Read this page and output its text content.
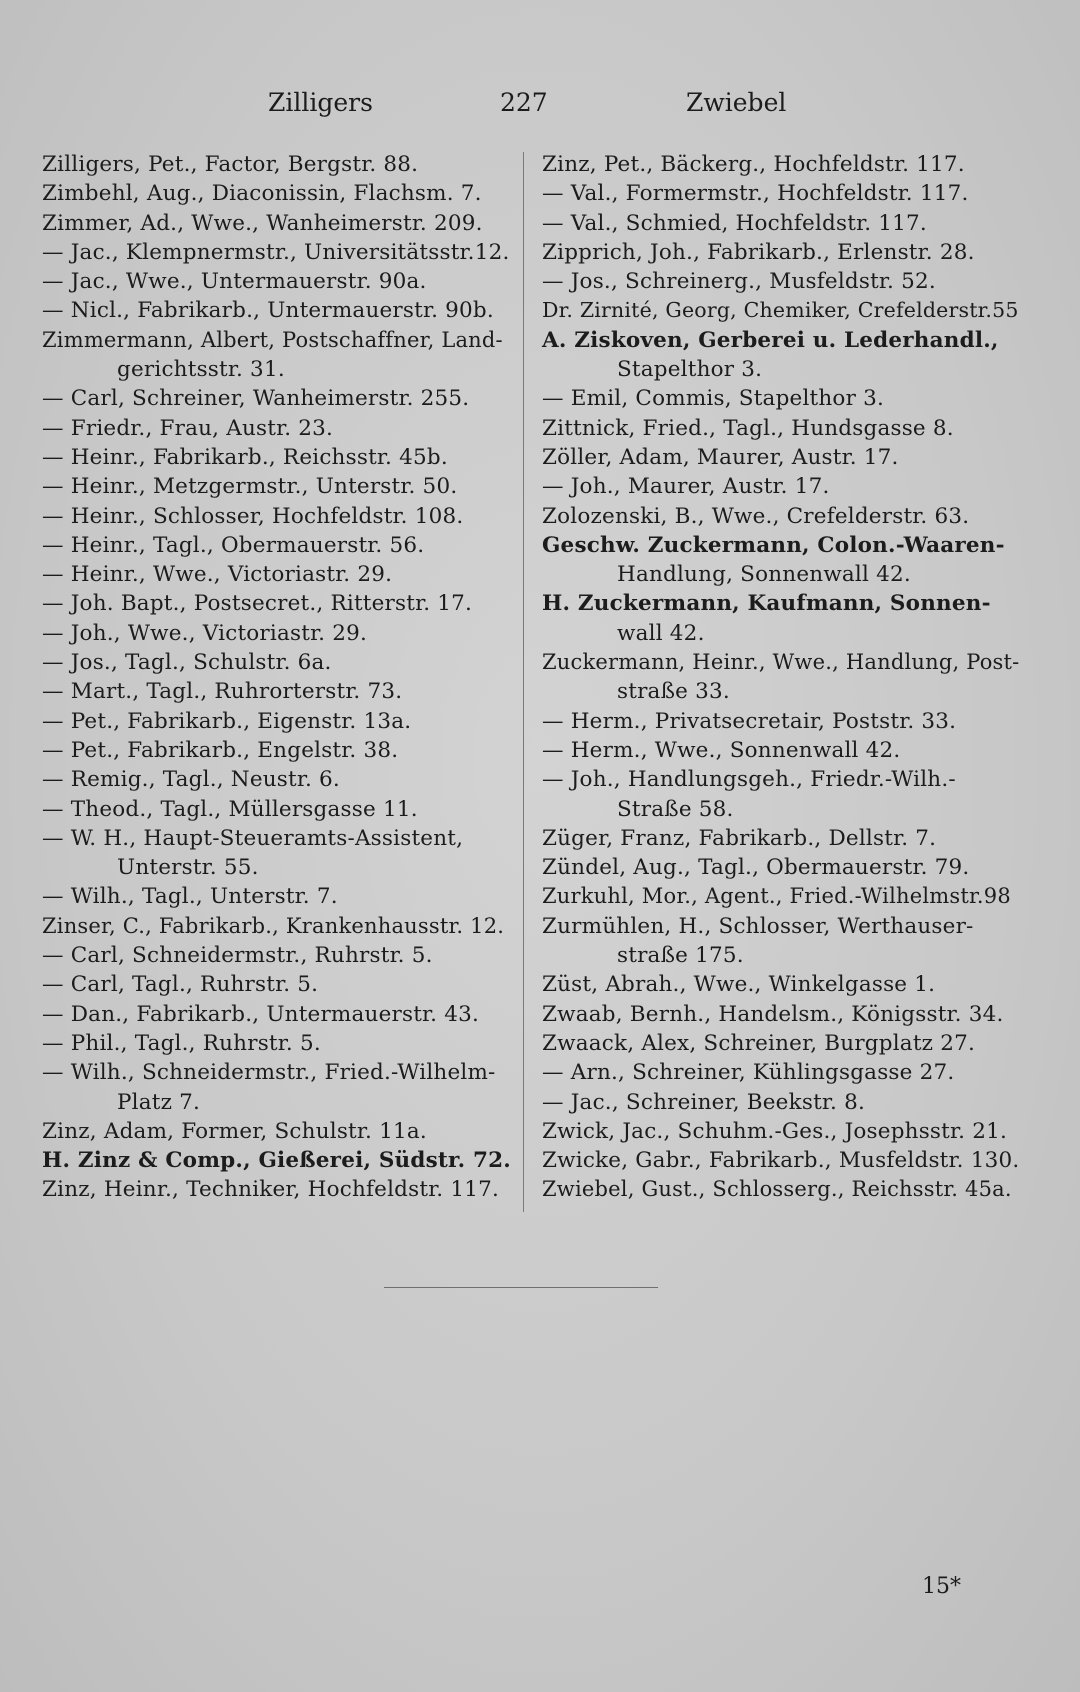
Zilligers	227	Zwiebel
Zilligers, Pet., Factor, Bergstr. 88.
Zimbehl, Aug., Diaconissin, Flachsm. 7.
Zimmer, Ad., Wwe., Wanheimerstr. 209.
— Jac., Klempnermstr., Universitätsstr.12.
— Jac., Wwe., Untermauerstr. 90a.
— Nicl., Fabrikarb., Untermauerstr. 90b.
Zimmermann, Albert, Postschaffner, Land-
gerichtsstr. 31.
— Carl, Schreiner, Wanheimerstr. 255.
— Friedr., Frau, Austr. 23.
— Heinr., Fabrikarb., Reichsstr. 45b.
— Heinr., Metzgermstr., Unterstr. 50.
— Heinr., Schlosser, Hochfeldstr. 108.
— Heinr., Tagl., Obermauerstr. 56.
— Heinr., Wwe., Victoriastr. 29.
— Joh. Bapt., Postsecret., Ritterstr. 17.
— Joh., Wwe., Victoriastr. 29.
— Jos., Tagl., Schulstr. 6a.
— Mart., Tagl., Ruhrorterstr. 73.
— Pet., Fabrikarb., Eigenstr. 13a.
— Pet., Fabrikarb., Engelstr. 38.
— Remig., Tagl., Neustr. 6.
— Theod., Tagl., Müllersgasse 11.
— W. H., Haupt-Steueramts-Assistent,
Unterstr. 55.
— Wilh., Tagl., Unterstr. 7.
Zinser, C., Fabrikarb., Krankenhausstr. 12.
— Carl, Schneidermstr., Ruhrstr. 5.
— Carl, Tagl., Ruhrstr. 5.
— Dan., Fabrikarb., Untermauerstr. 43.
— Phil., Tagl., Ruhrstr. 5.
— Wilh., Schneidermstr., Fried.-Wilhelm-
Platz 7.
Zinz, Adam, Former, Schulstr. 11a.
H. Zinz & Comp., Gießerei, Südstr. 72.
Zinz, Heinr., Techniker, Hochfeldstr. 117.
Zinz, Pet., Bäckerg., Hochfeldstr. 117.
— Val., Formermstr., Hochfeldstr. 117.
— Val., Schmied, Hochfeldstr. 117.
Zipprich, Joh., Fabrikarb., Erlenstr. 28.
— Jos., Schreinerg., Musfeldstr. 52.
Dr. Zirnité, Georg, Chemiker, Crefelderstr.55
A. Ziskoven, Gerberei u. Lederhandl.,
Stapelthor 3.
— Emil, Commis, Stapelthor 3.
Zittnick, Fried., Tagl., Hundsgasse 8.
Zöller, Adam, Maurer, Austr. 17.
— Joh., Maurer, Austr. 17.
Zolozenski, B., Wwe., Crefelderstr. 63.
Geschw. Zuckermann, Colon.-Waaren-
Handlung, Sonnenwall 42.
H. Zuckermann, Kaufmann, Sonnen-
wall 42.
Zuckermann, Heinr., Wwe., Handlung, Post-
straße 33.
— Herm., Privatsecretair, Poststr. 33.
— Herm., Wwe., Sonnenwall 42.
— Joh., Handlungsgeh., Friedr.-Wilh.-
Straße 58.
Züger, Franz, Fabrikarb., Dellstr. 7.
Zündel, Aug., Tagl., Obermauerstr. 79.
Zurkuhl, Mor., Agent., Fried.-Wilhelmstr.98
Zurmühlen, H., Schlosser, Werthauser-
straße 175.
Züst, Abrah., Wwe., Winkelgasse 1.
Zwaab, Bernh., Handelsm., Königsstr. 34.
Zwaack, Alex, Schreiner, Burgplatz 27.
— Arn., Schreiner, Kühlingsgasse 27.
— Jac., Schreiner, Beekstr. 8.
Zwick, Jac., Schuhm.-Ges., Josephsstr. 21.
Zwicke, Gabr., Fabrikarb., Musfeldstr. 130.
Zwiebel, Gust., Schlosserg., Reichsstr. 45a.
15*
